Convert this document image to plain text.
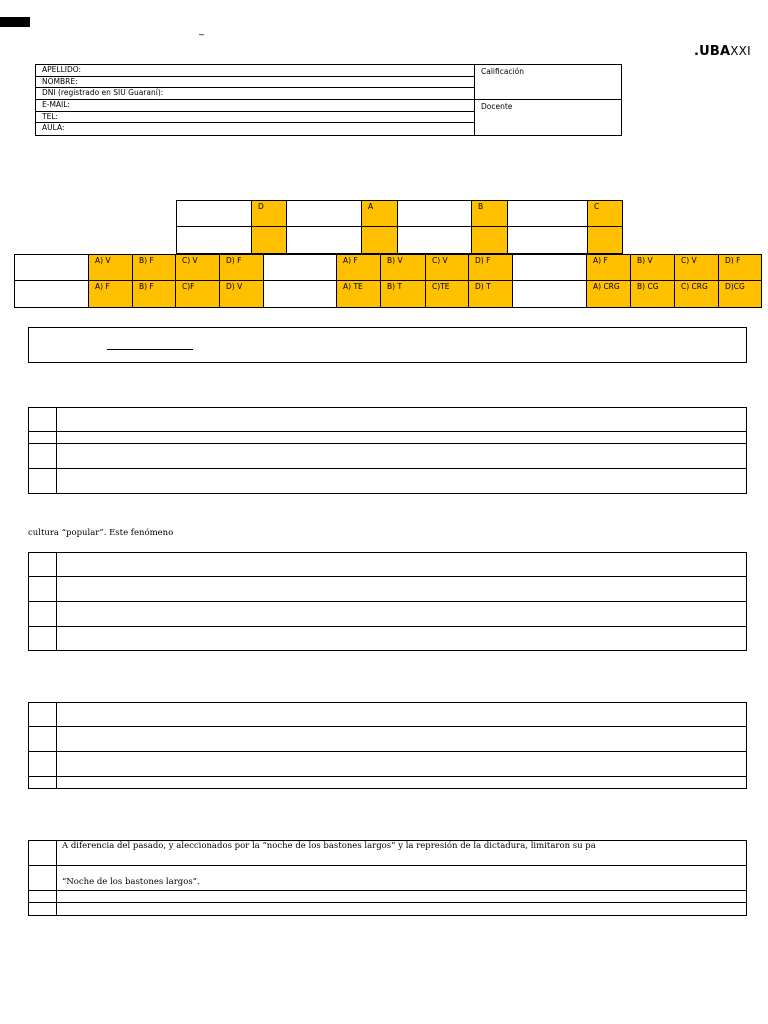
_
.UBAXXI
APELLIDO:
NOMBRE:
DNI (registrado en SIU Guaraní):
E-MAIL:
TEL:
AULA:
Calificación
Docente
D	A	B	C
A) V	B) F	C) V	D) F	A) F	B) V	C) V	D) F	A) F	B) V	C) V	D) F
A) F	B) F	C)F	D) V	A) TE	B) T	C)TE	D) T	A) CRG	B) CG	C) CRG	D)CG
cultura “popular”. Este fenómeno
A diferencia del pasado, y aleccionados por la “noche de los bastones largos” y la represión de la dictadura, limitaron su pa
“Noche de los bastones largos”.
